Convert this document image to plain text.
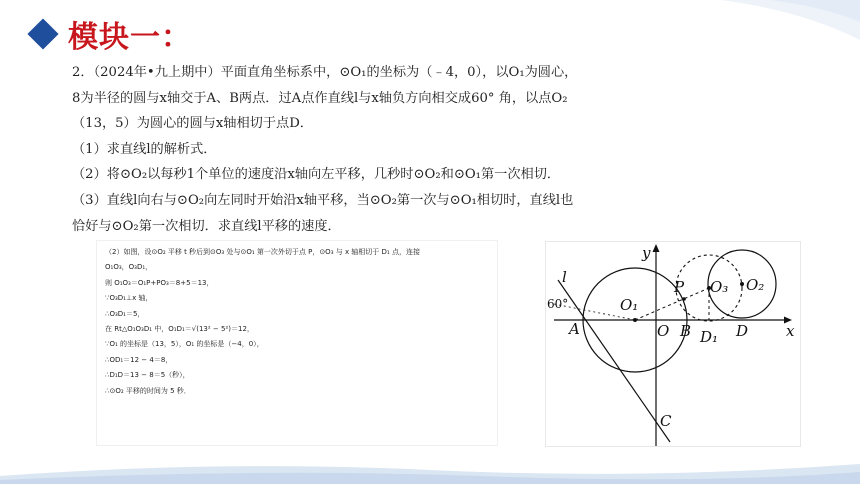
模块一：

2．（2024年•九上期中）平面直角坐标系中，⊙O₁的坐标为（﹣4，0），以O₁为圆心，

8为半径的圆与x轴交于A、B两点．过A点作直线l与x轴负方向相交成60° 角，以点O₂

（13，5）为圆心的圆与x轴相切于点D．

（1）求直线l的解析式．

（2）将⊙O₂以每秒1个单位的速度沿x轴向左平移，几秒时⊙O₂和⊙O₁第一次相切．

（3）直线l向右与⊙O₂向左同时开始沿x轴平移，当⊙O₂第一次与⊙O₁相切时，直线l也

恰好与⊙O₂第一次相切．求直线l平移的速度．

（2）如图，设⊙O₂ 平移 t 秒后到⊙O₃ 处与⊙O₁ 第一次外切于点 P，⊙O₃ 与 x 轴相切于 D₁ 点，连接

O₁O₃，O₃D₁，

则 O₁O₃＝O₁P+PO₃＝8+5＝13，

∵O₃D₁⊥x 轴，

∴O₃D₁＝5，

在 Rt△O₁O₃D₁ 中，O₁D₁＝√(13² − 5²)＝12，

∵O₁ 的坐标是（13，5），O₁ 的坐标是（−4，0），

∴OD₁＝12 − 4＝8，

∴D₁D＝13 − 8＝5（秒），

∴⊙O₂ 平移的时间为 5 秒．

y
x
l
60°
A
O₁
O B
P O₃ O₂
D₁ D
C
